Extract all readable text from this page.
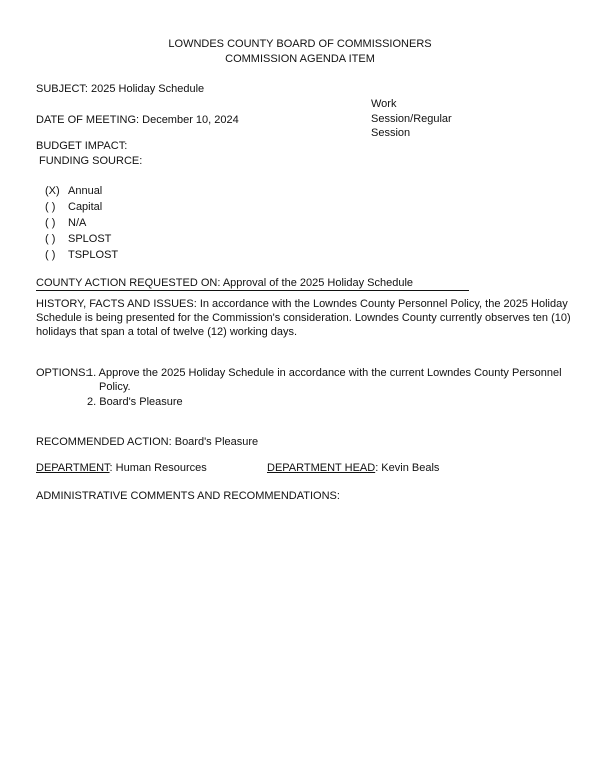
LOWNDES COUNTY BOARD OF COMMISSIONERS
COMMISSION AGENDA ITEM
SUBJECT: 2025 Holiday Schedule
Work
Session/Regular
Session
DATE OF MEETING: December 10, 2024
BUDGET IMPACT:
FUNDING SOURCE:
(X) Annual
( ) Capital
( ) N/A
( ) SPLOST
( ) TSPLOST
COUNTY ACTION REQUESTED ON: Approval of the 2025 Holiday Schedule
HISTORY, FACTS AND ISSUES: In accordance with the Lowndes County Personnel Policy, the 2025 Holiday
Schedule is being presented for the Commission's consideration. Lowndes County currently observes ten (10)
holidays that span a total of twelve (12) working days.
OPTIONS:
1. Approve the 2025 Holiday Schedule in accordance with the current Lowndes County Personnel
Policy.
2. Board's Pleasure
RECOMMENDED ACTION: Board's Pleasure
DEPARTMENT: Human Resources	DEPARTMENT HEAD: Kevin Beals
ADMINISTRATIVE COMMENTS AND RECOMMENDATIONS:
